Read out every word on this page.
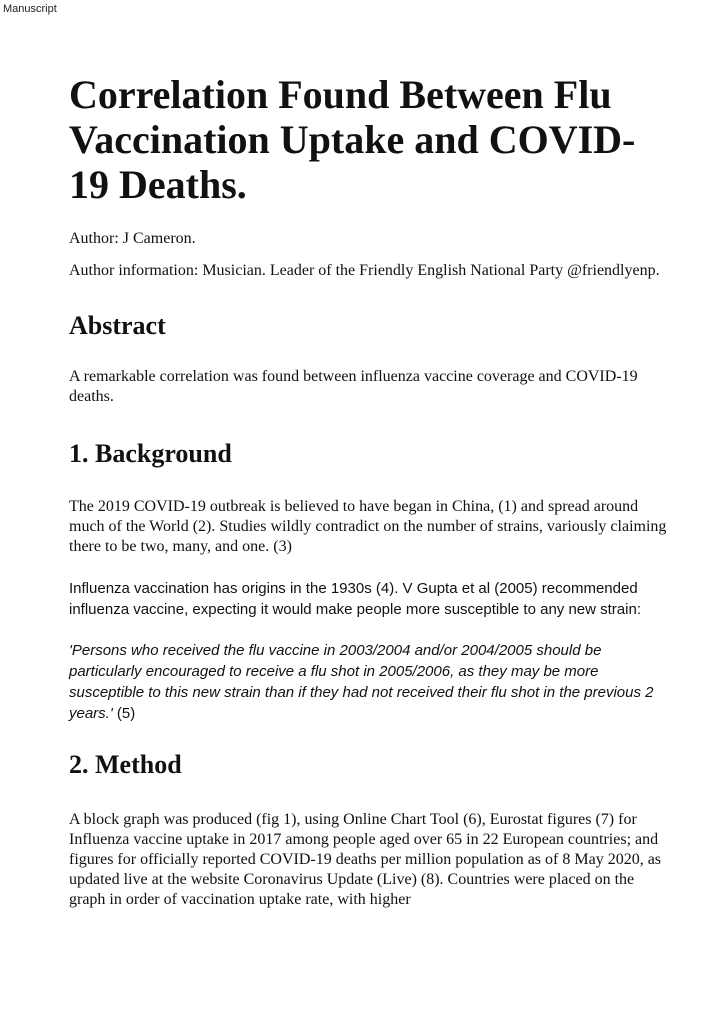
Manuscript
Correlation Found Between Flu Vaccination Uptake and COVID-19 Deaths.

Author: J Cameron.

Author information: Musician. Leader of the Friendly English National Party @friendlyenp.

Abstract

A remarkable correlation was found between influenza vaccine coverage and COVID-19 deaths.

1. Background

The 2019 COVID-19 outbreak is believed to have began in China, (1) and spread around much of the World (2). Studies wildly contradict on the number of strains, variously claiming there to be two, many, and one. (3)

Influenza vaccination has origins in the 1930s (4). V Gupta et al (2005) recommended influenza vaccine, expecting it would make people more susceptible to any new strain:

'Persons who received the flu vaccine in 2003/2004 and/or 2004/2005 should be particularly encouraged to receive a flu shot in 2005/2006, as they may be more susceptible to this new strain than if they had not received their flu shot in the previous 2 years.' (5)

2. Method

A block graph was produced (fig 1), using Online Chart Tool (6), Eurostat figures (7) for Influenza vaccine uptake in 2017 among people aged over 65 in 22 European countries; and figures for officially reported COVID-19 deaths per million population as of 8 May 2020, as updated live at the website Coronavirus Update (Live) (8). Countries were placed on the graph in order of vaccination uptake rate, with higher
